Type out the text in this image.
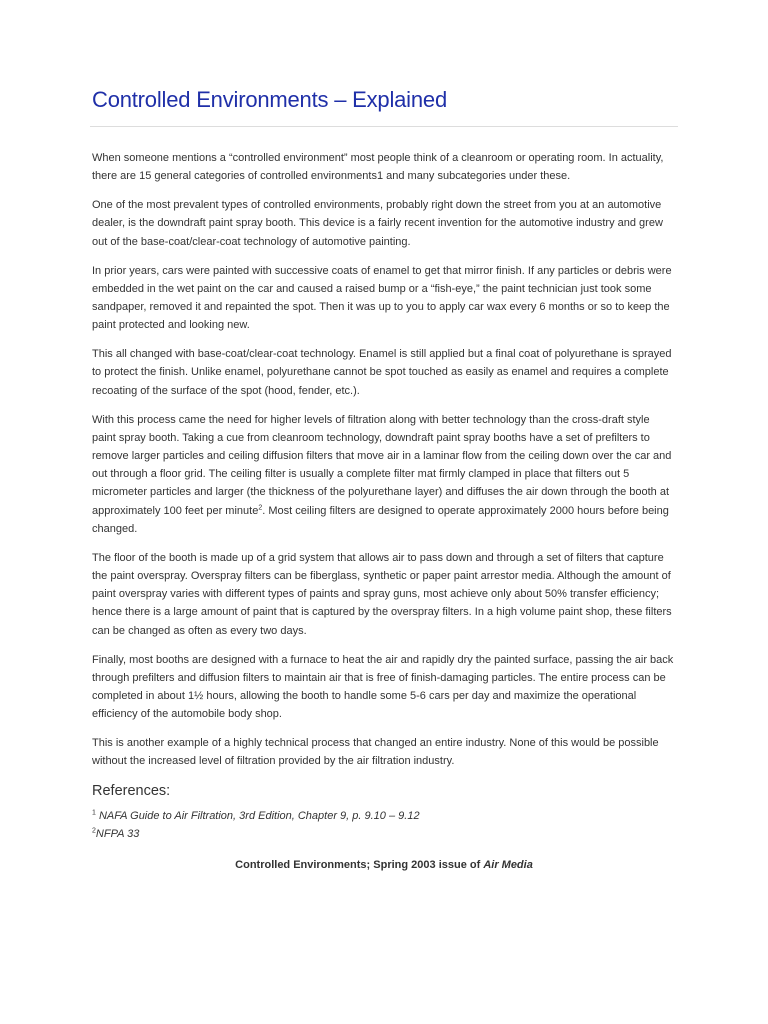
Controlled Environments – Explained

When someone mentions a “controlled environment” most people think of a cleanroom or operating room. In actuality, there are 15 general categories of controlled environments1 and many subcategories under these.

One of the most prevalent types of controlled environments, probably right down the street from you at an automotive dealer, is the downdraft paint spray booth. This device is a fairly recent invention for the automotive industry and grew out of the base-coat/clear-coat technology of automotive painting.

In prior years, cars were painted with successive coats of enamel to get that mirror finish. If any particles or debris were embedded in the wet paint on the car and caused a raised bump or a “fish-eye,” the paint technician just took some sandpaper, removed it and repainted the spot. Then it was up to you to apply car wax every 6 months or so to keep the paint protected and looking new.

This all changed with base-coat/clear-coat technology. Enamel is still applied but a final coat of polyurethane is sprayed to protect the finish. Unlike enamel, polyurethane cannot be spot touched as easily as enamel and requires a complete recoating of the surface of the spot (hood, fender, etc.).

With this process came the need for higher levels of filtration along with better technology than the cross-draft style paint spray booth. Taking a cue from cleanroom technology, downdraft paint spray booths have a set of prefilters to remove larger particles and ceiling diffusion filters that move air in a laminar flow from the ceiling down over the car and out through a floor grid. The ceiling filter is usually a complete filter mat firmly clamped in place that filters out 5 micrometer particles and larger (the thickness of the polyurethane layer) and diffuses the air down through the booth at approximately 100 feet per minute$^2$. Most ceiling filters are designed to operate approximately 2000 hours before being changed.

The floor of the booth is made up of a grid system that allows air to pass down and through a set of filters that capture the paint overspray. Overspray filters can be fiberglass, synthetic or paper paint arrestor media. Although the amount of paint overspray varies with different types of paints and spray guns, most achieve only about 50% transfer efficiency; hence there is a large amount of paint that is captured by the overspray filters. In a high volume paint shop, these filters can be changed as often as every two days.

Finally, most booths are designed with a furnace to heat the air and rapidly dry the painted surface, passing the air back through prefilters and diffusion filters to maintain air that is free of finish-damaging particles. The entire process can be completed in about 1½ hours, allowing the booth to handle some 5-6 cars per day and maximize the operational efficiency of the automobile body shop.

This is another example of a highly technical process that changed an entire industry. None of this would be possible without the increased level of filtration provided by the air filtration industry.

References:

$^1$ NAFA Guide to Air Filtration, 3rd Edition, Chapter 9, p. 9.10 – 9.12

$^2$NFPA 33

Controlled Environments; Spring 2003 issue of Air Media
